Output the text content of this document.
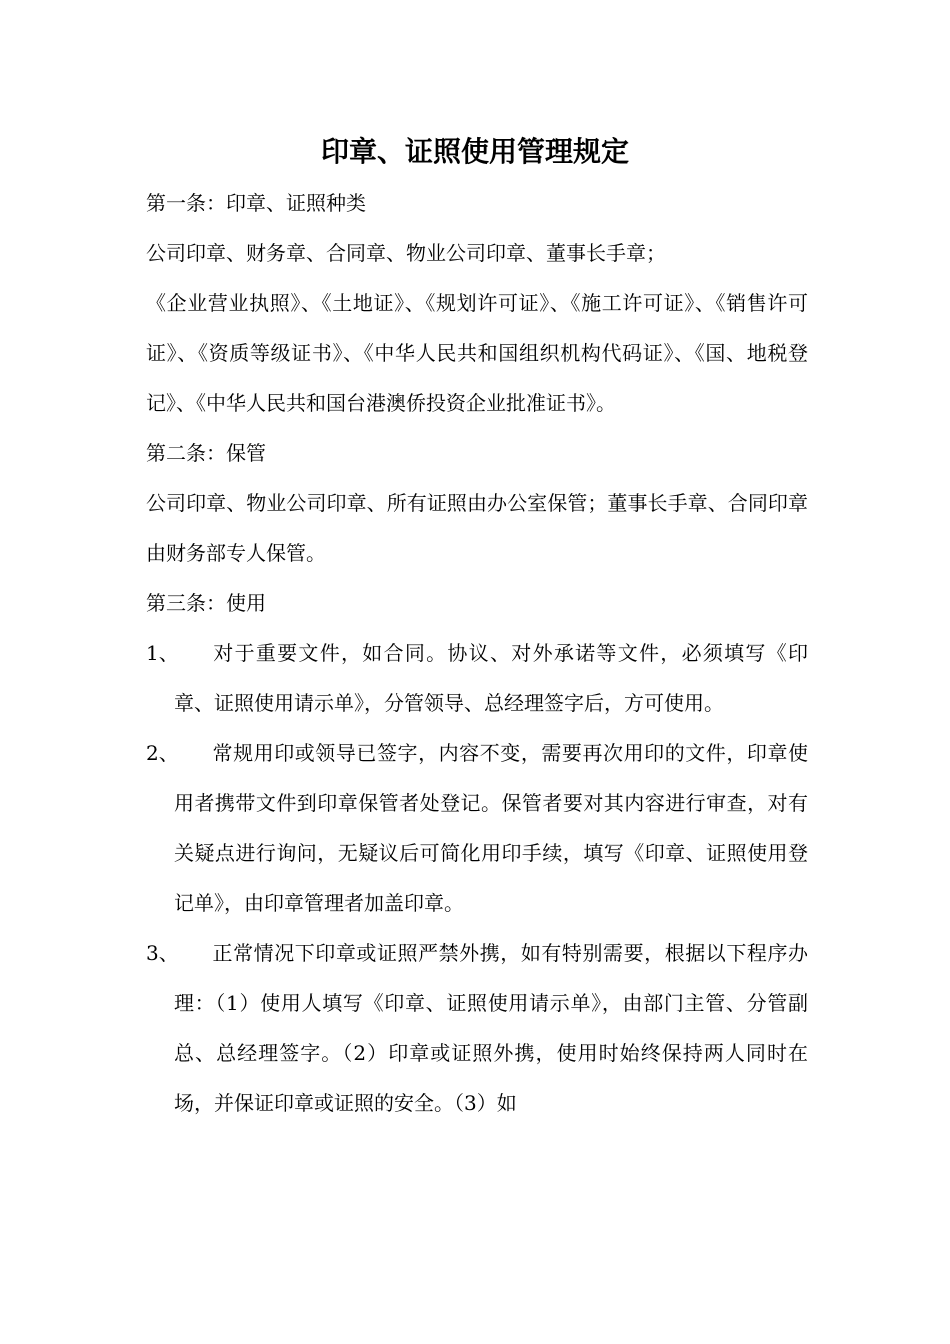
印章、证照使用管理规定

第一条：印章、证照种类

公司印章、财务章、合同章、物业公司印章、董事长手章；

《企业营业执照》、《土地证》、《规划许可证》、《施工许可证》、《销售许可证》、《资质等级证书》、《中华人民共和国组织机构代码证》、《国、地税登记》、《中华人民共和国台港澳侨投资企业批准证书》。

第二条：保管

公司印章、物业公司印章、所有证照由办公室保管；董事长手章、合同印章由财务部专人保管。

第三条：使用

1、 对于重要文件，如合同。协议、对外承诺等文件，必须填写《印章、证照使用请示单》，分管领导、总经理签字后，方可使用。
2、 常规用印或领导已签字，内容不变，需要再次用印的文件，印章使用者携带文件到印章保管者处登记。保管者要对其内容进行审查，对有关疑点进行询问，无疑议后可简化用印手续，填写《印章、证照使用登记单》，由印章管理者加盖印章。
3、 正常情况下印章或证照严禁外携，如有特别需要，根据以下程序办理：（1）使用人填写《印章、证照使用请示单》，由部门主管、分管副总、总经理签字。（2）印章或证照外携，使用时始终保持两人同时在场，并保证印章或证照的安全。（3）如
